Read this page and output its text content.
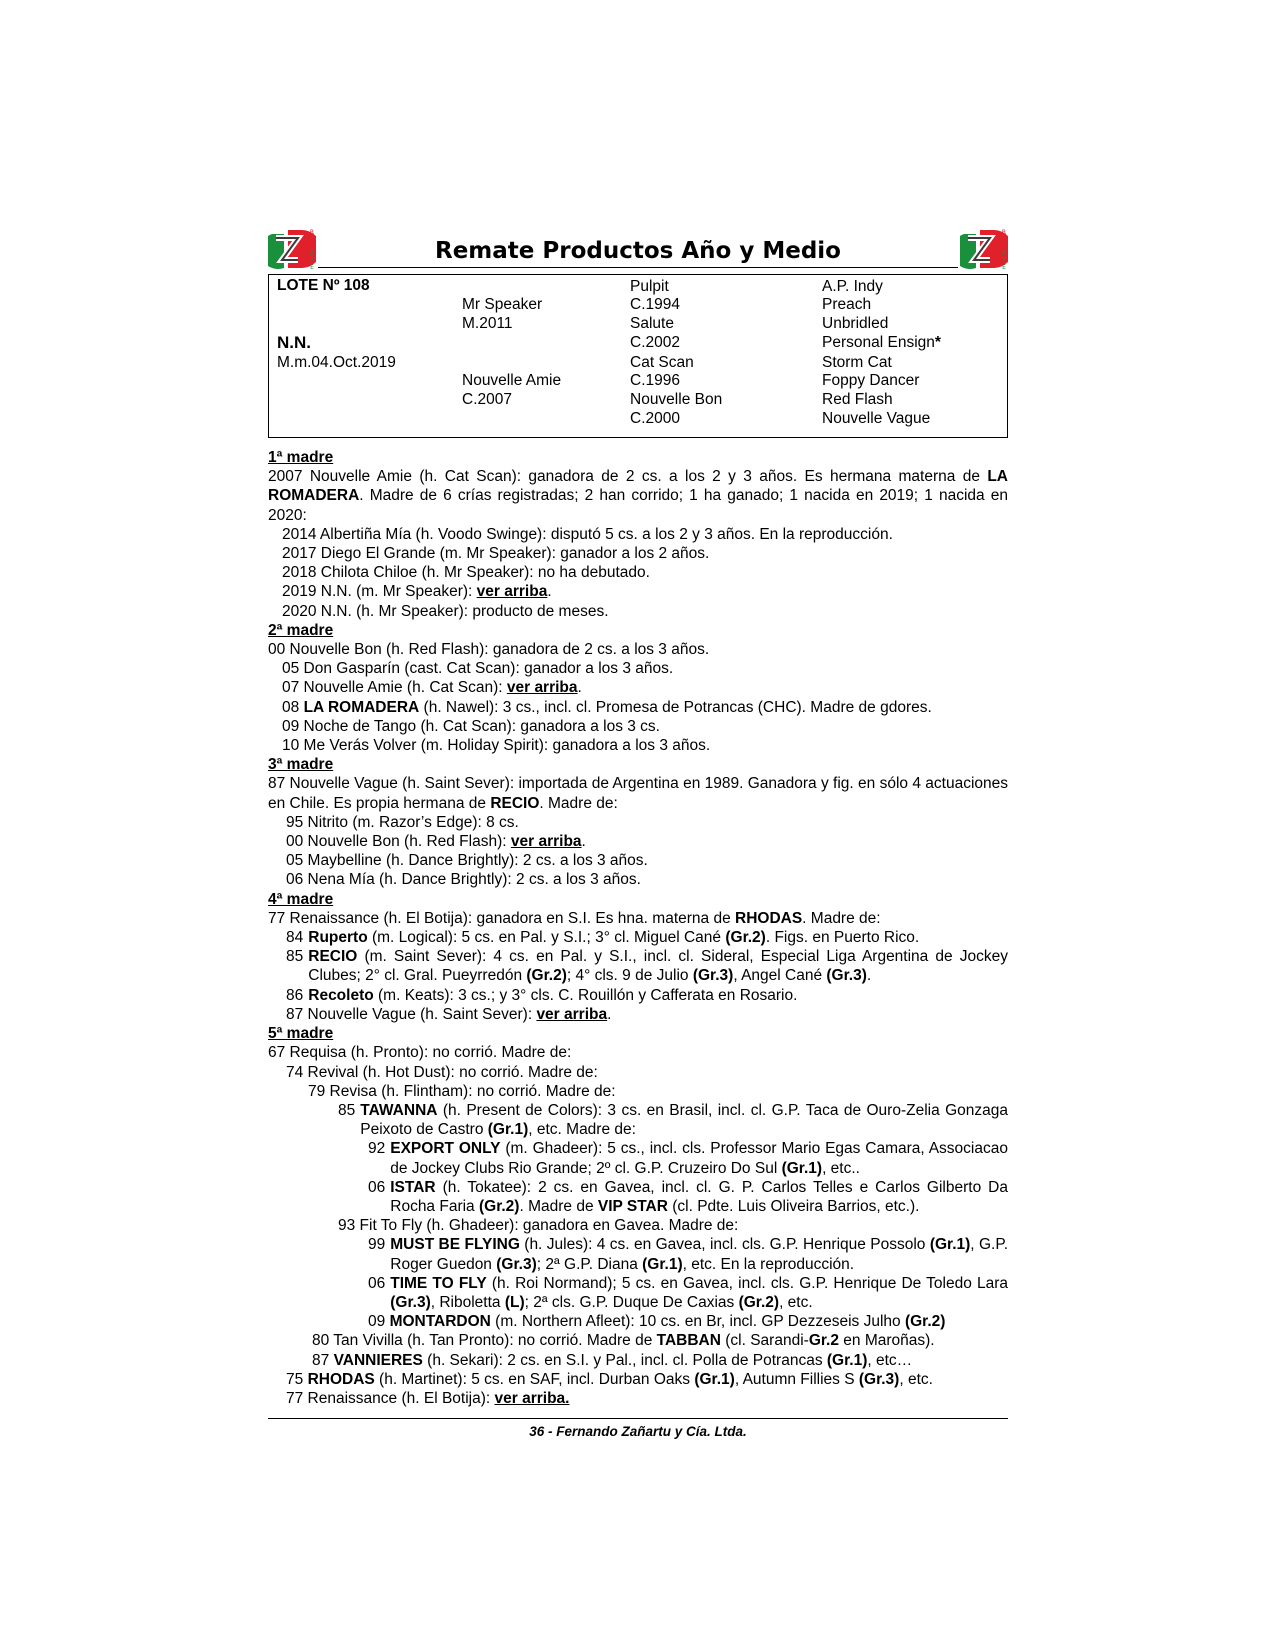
R
E
M
A
T
E
Remate Productos Año y Medio
R
E
M
A
T
E
LOTE Nº 108
N.N.
M.m.04.Oct.2019
Mr Speaker
M.2011
Nouvelle Amie
C.2007
Pulpit
C.1994
Salute
C.2002
Cat Scan
C.1996
Nouvelle Bon
C.2000
A.P. Indy
Preach
Unbridled
Personal Ensign*
Storm Cat
Foppy Dancer
Red Flash
Nouvelle Vague
1ª madre
2007 Nouvelle Amie (h. Cat Scan): ganadora de 2 cs. a los 2 y 3 años. Es hermana materna de LA ROMADERA. Madre de 6 crías registradas; 2 han corrido; 1 ha ganado; 1 nacida en 2019; 1 nacida en 2020:
2014 Albertiña Mía (h. Voodo Swinge): disputó 5 cs. a los 2 y 3 años. En la reproducción.
2017 Diego El Grande (m. Mr Speaker): ganador a los 2 años.
2018 Chilota Chiloe (h. Mr Speaker): no ha debutado.
2019 N.N. (m. Mr Speaker): ver arriba.
2020 N.N. (h. Mr Speaker): producto de meses.
2ª madre
00 Nouvelle Bon (h. Red Flash): ganadora de 2 cs. a los 3 años.
05 Don Gasparín (cast. Cat Scan): ganador a los 3 años.
07 Nouvelle Amie (h. Cat Scan): ver arriba.
08 LA ROMADERA (h. Nawel): 3 cs., incl. cl. Promesa de Potrancas (CHC). Madre de gdores.
09 Noche de Tango (h. Cat Scan): ganadora a los 3 cs.
10 Me Verás Volver (m. Holiday Spirit): ganadora a los 3 años.
3ª madre
87 Nouvelle Vague (h. Saint Sever): importada de Argentina en 1989. Ganadora y fig. en sólo 4 actuaciones en Chile. Es propia hermana de RECIO. Madre de:
95 Nitrito (m. Razor’s Edge): 8 cs.
00 Nouvelle Bon (h. Red Flash): ver arriba.
05 Maybelline (h. Dance Brightly): 2 cs. a los 3 años.
06 Nena Mía (h. Dance Brightly): 2 cs. a los 3 años.
4ª madre
77 Renaissance (h. El Botija): ganadora en S.I. Es hna. materna de RHODAS. Madre de:
84 Ruperto (m. Logical): 5 cs. en Pal. y S.I.; 3° cl. Miguel Cané (Gr.2). Figs. en Puerto Rico.
85 RECIO (m. Saint Sever): 4 cs. en Pal. y S.I., incl. cl. Sideral, Especial Liga Argentina de Jockey Clubes; 2° cl. Gral. Pueyrredón (Gr.2); 4° cls. 9 de Julio (Gr.3), Angel Cané (Gr.3).
86 Recoleto (m. Keats): 3 cs.; y 3° cls. C. Rouillón y Cafferata en Rosario.
87 Nouvelle Vague (h. Saint Sever): ver arriba.
5ª madre
67 Requisa (h. Pronto): no corrió. Madre de:
74 Revival (h. Hot Dust): no corrió. Madre de:
79 Revisa (h. Flintham): no corrió. Madre de:
85 TAWANNA (h. Present de Colors): 3 cs. en Brasil, incl. cl. G.P. Taca de Ouro-Zelia Gonzaga Peixoto de Castro (Gr.1), etc. Madre de:
92 EXPORT ONLY (m. Ghadeer): 5 cs., incl. cls. Professor Mario Egas Camara, Associacao de Jockey Clubs Rio Grande; 2º cl. G.P. Cruzeiro Do Sul (Gr.1), etc..
06 ISTAR (h. Tokatee): 2 cs. en Gavea, incl. cl. G. P. Carlos Telles e Carlos Gilberto Da Rocha Faria (Gr.2). Madre de VIP STAR (cl. Pdte. Luis Oliveira Barrios, etc.).
93 Fit To Fly (h. Ghadeer): ganadora en Gavea. Madre de:
99 MUST BE FLYING (h. Jules): 4 cs. en Gavea, incl. cls. G.P. Henrique Possolo (Gr.1), G.P. Roger Guedon (Gr.3); 2ª G.P. Diana (Gr.1), etc. En la reproducción.
06 TIME TO FLY (h. Roi Normand); 5 cs. en Gavea, incl. cls. G.P. Henrique De Toledo Lara (Gr.3), Riboletta (L); 2ª cls. G.P. Duque De Caxias (Gr.2), etc.
09 MONTARDON (m. Northern Afleet): 10 cs. en Br, incl. GP Dezzeseis Julho (Gr.2)
80 Tan Vivilla (h. Tan Pronto): no corrió. Madre de TABBAN (cl. Sarandi-Gr.2 en Maroñas).
87 VANNIERES (h. Sekari): 2 cs. en S.I. y Pal., incl. cl. Polla de Potrancas (Gr.1), etc…
75 RHODAS (h. Martinet): 5 cs. en SAF, incl. Durban Oaks (Gr.1), Autumn Fillies S (Gr.3), etc.
77 Renaissance (h. El Botija): ver arriba.
36 - Fernando Zañartu y Cía. Ltda.
